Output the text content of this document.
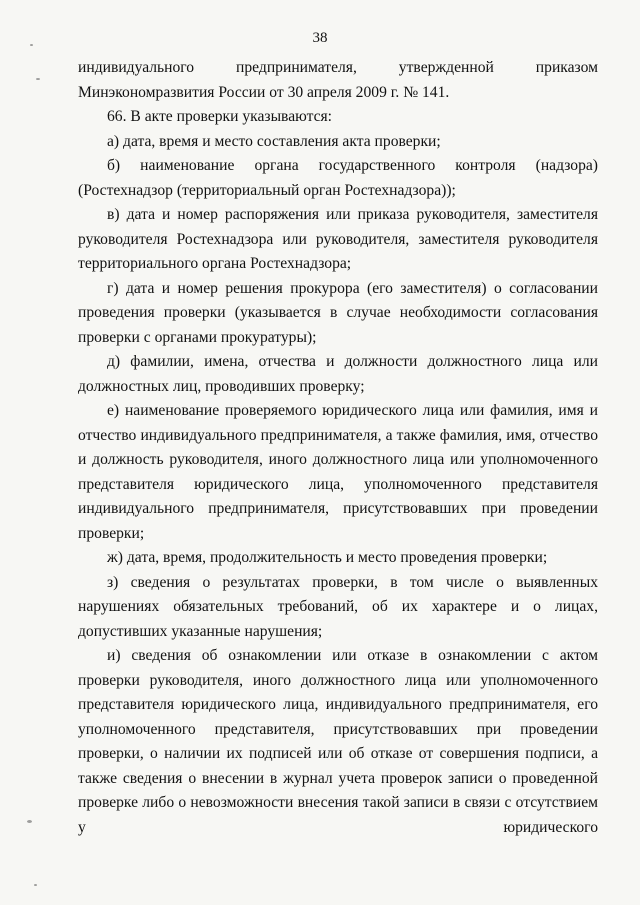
38

индивидуального предпринимателя, утвержденной приказом Минэкономразвития России от 30 апреля 2009 г. № 141.

66. В акте проверки указываются:

а) дата, время и место составления акта проверки;

б) наименование органа государственного контроля (надзора) (Ростехнадзор (территориальный орган Ростехнадзора));

в) дата и номер распоряжения или приказа руководителя, заместителя руководителя Ростехнадзора или руководителя, заместителя руководителя территориального органа Ростехнадзора;

г) дата и номер решения прокурора (его заместителя) о согласовании проведения проверки (указывается в случае необходимости согласования проверки с органами прокуратуры);

д) фамилии, имена, отчества и должности должностного лица или должностных лиц, проводивших проверку;

е) наименование проверяемого юридического лица или фамилия, имя и отчество индивидуального предпринимателя, а также фамилия, имя, отчество и должность руководителя, иного должностного лица или уполномоченного представителя юридического лица, уполномоченного представителя индивидуального предпринимателя, присутствовавших при проведении проверки;

ж) дата, время, продолжительность и место проведения проверки;

з) сведения о результатах проверки, в том числе о выявленных нарушениях обязательных требований, об их характере и о лицах, допустивших указанные нарушения;

и) сведения об ознакомлении или отказе в ознакомлении с актом проверки руководителя, иного должностного лица или уполномоченного представителя юридического лица, индивидуального предпринимателя, его уполномоченного представителя, присутствовавших при проведении проверки, о наличии их подписей или об отказе от совершения подписи, а также сведения о внесении в журнал учета проверок записи о проведенной проверке либо о невозможности внесения такой записи в связи с отсутствием у юридического
